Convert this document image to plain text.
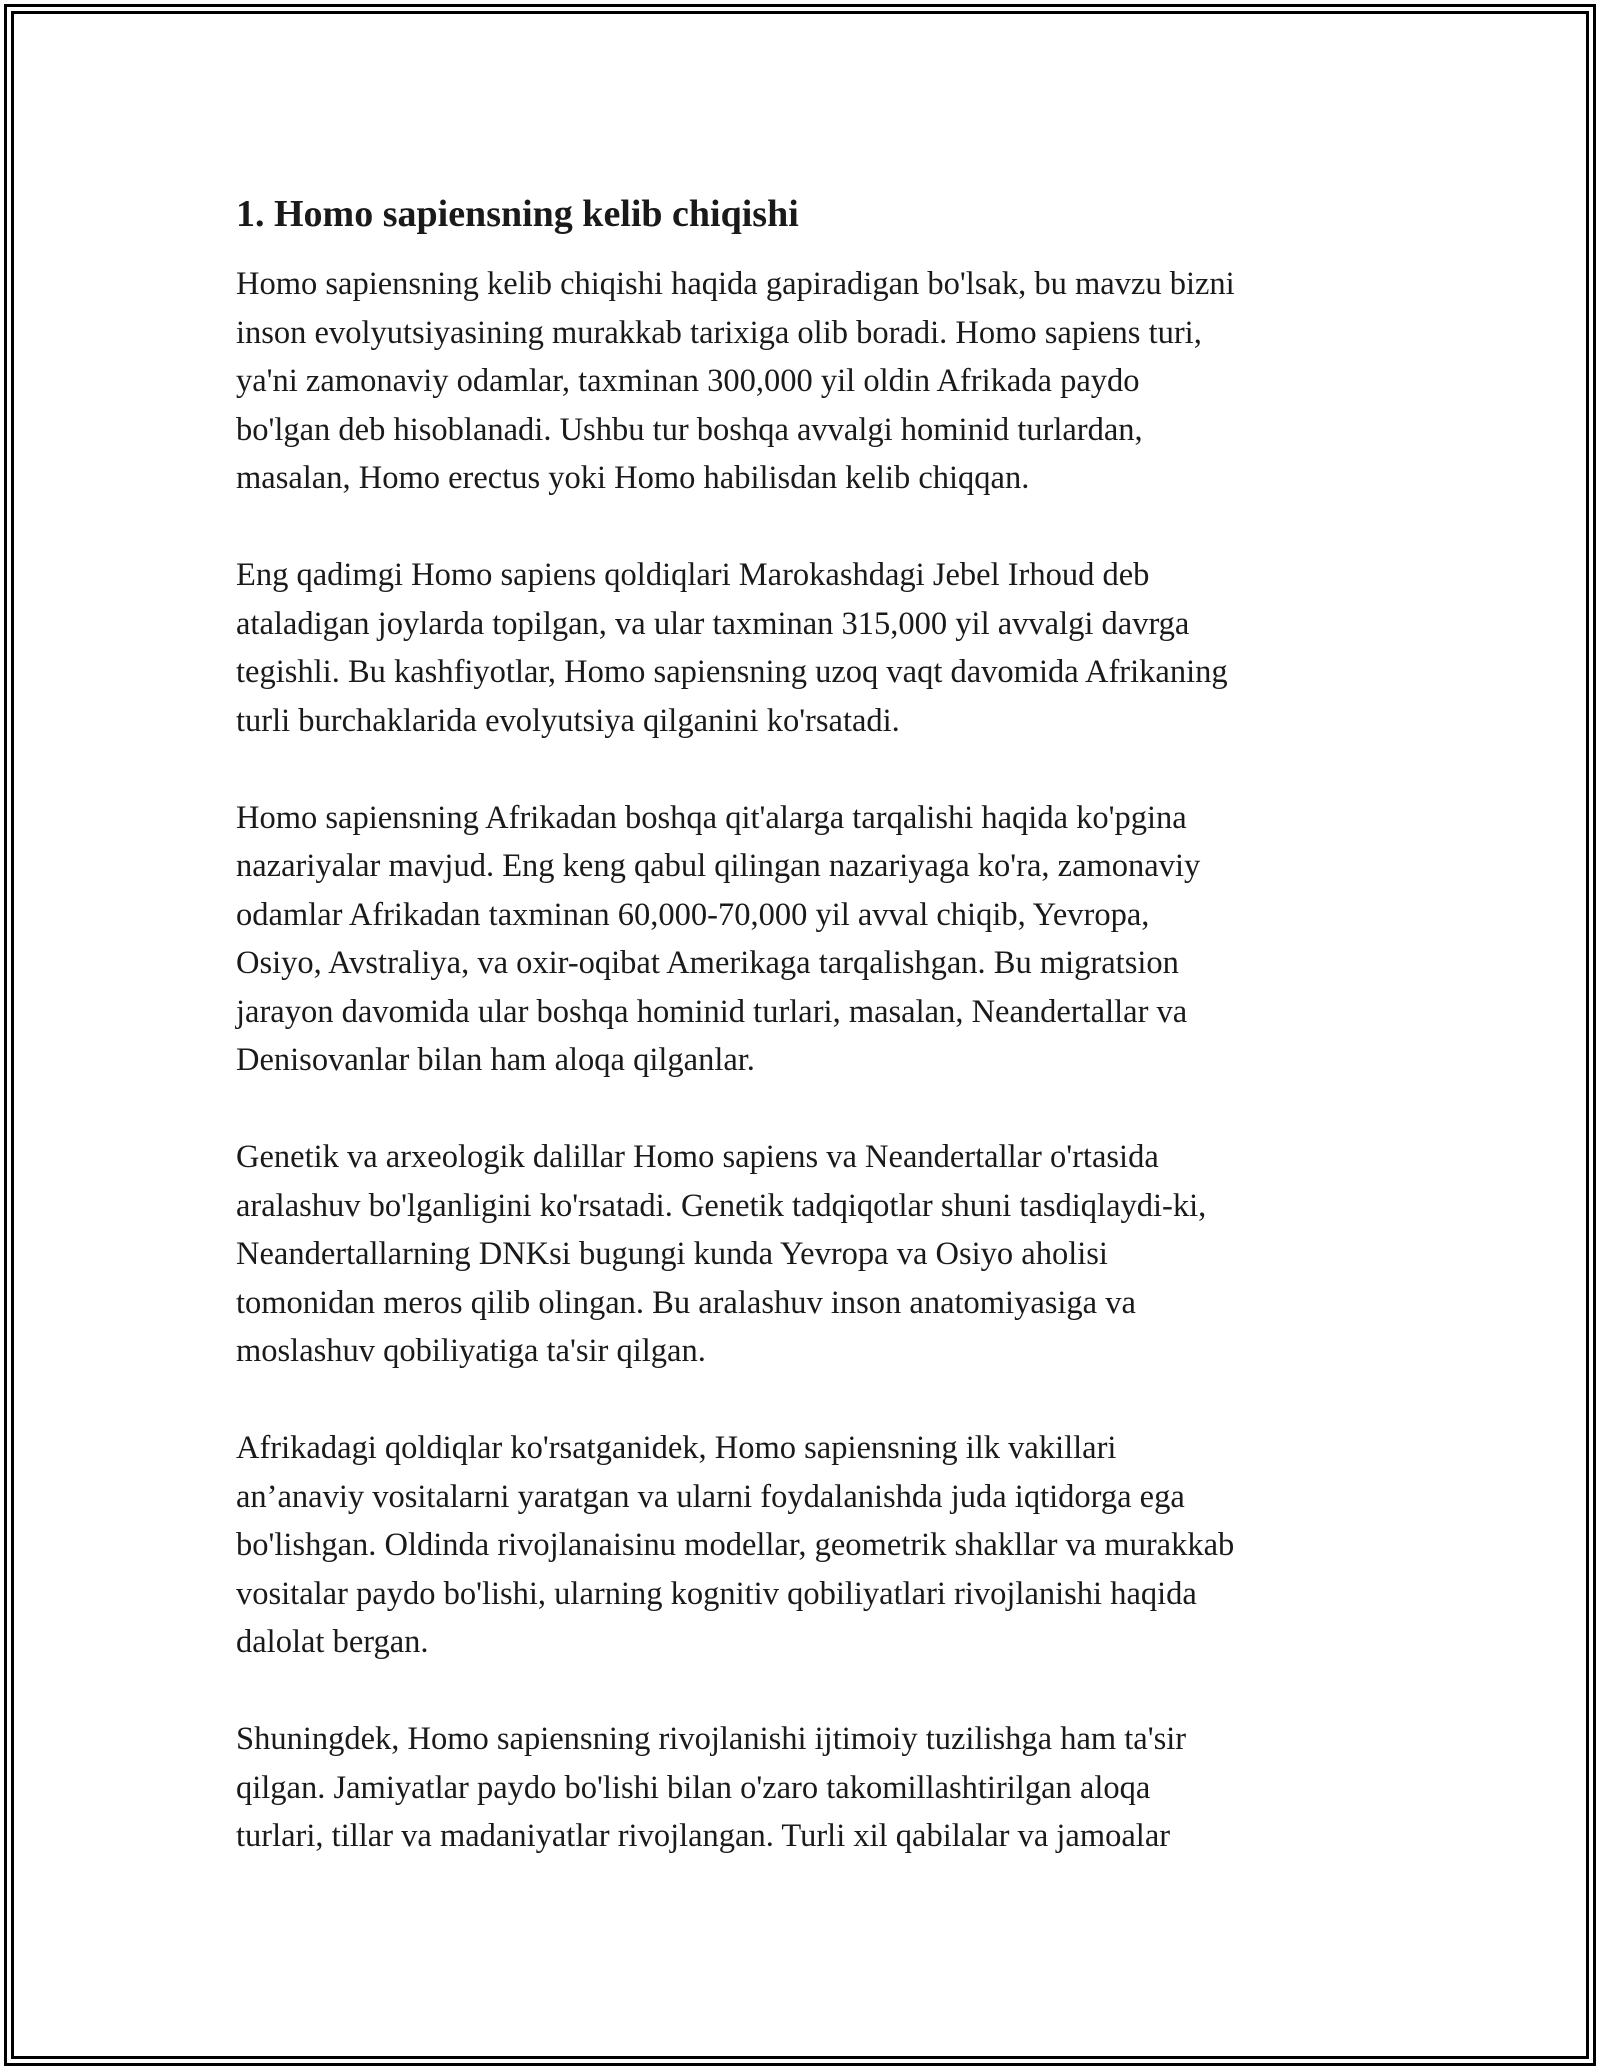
1. Homo sapiensning kelib chiqishi
Homo sapiensning kelib chiqishi haqida gapiradigan bo'lsak, bu mavzu bizni
inson evolyutsiyasining murakkab tarixiga olib boradi. Homo sapiens turi,
ya'ni zamonaviy odamlar, taxminan 300,000 yil oldin Afrikada paydo
bo'lgan deb hisoblanadi. Ushbu tur boshqa avvalgi hominid turlardan,
masalan, Homo erectus yoki Homo habilisdan kelib chiqqan.
Eng qadimgi Homo sapiens qoldiqlari Marokashdagi Jebel Irhoud deb
ataladigan joylarda topilgan, va ular taxminan 315,000 yil avvalgi davrga
tegishli. Bu kashfiyotlar, Homo sapiensning uzoq vaqt davomida Afrikaning
turli burchaklarida evolyutsiya qilganini ko'rsatadi.
Homo sapiensning Afrikadan boshqa qit'alarga tarqalishi haqida ko'pgina
nazariyalar mavjud. Eng keng qabul qilingan nazariyaga ko'ra, zamonaviy
odamlar Afrikadan taxminan 60,000-70,000 yil avval chiqib, Yevropa,
Osiyo, Avstraliya, va oxir-oqibat Amerikaga tarqalishgan. Bu migratsion
jarayon davomida ular boshqa hominid turlari, masalan, Neandertallar va
Denisovanlar bilan ham aloqa qilganlar.
Genetik va arxeologik dalillar Homo sapiens va Neandertallar o'rtasida
aralashuv bo'lganligini ko'rsatadi. Genetik tadqiqotlar shuni tasdiqlaydi-ki,
Neandertallarning DNKsi bugungi kunda Yevropa va Osiyo aholisi
tomonidan meros qilib olingan. Bu aralashuv inson anatomiyasiga va
moslashuv qobiliyatiga ta'sir qilgan.
Afrikadagi qoldiqlar ko'rsatganidek, Homo sapiensning ilk vakillari
an’anaviy vositalarni yaratgan va ularni foydalanishda juda iqtidorga ega
bo'lishgan. Oldinda rivojlanaisinu modellar, geometrik shakllar va murakkab
vositalar paydo bo'lishi, ularning kognitiv qobiliyatlari rivojlanishi haqida
dalolat bergan.
Shuningdek, Homo sapiensning rivojlanishi ijtimoiy tuzilishga ham ta'sir
qilgan. Jamiyatlar paydo bo'lishi bilan o'zaro takomillashtirilgan aloqa
turlari, tillar va madaniyatlar rivojlangan. Turli xil qabilalar va jamoalar
